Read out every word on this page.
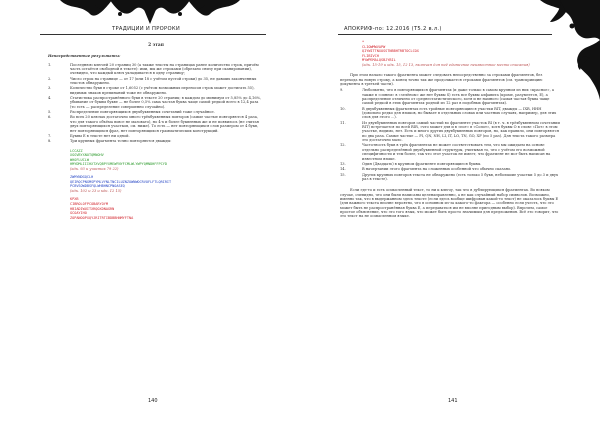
ТРАДИЦИИ И ПРОРОКИ
2 этап
Непосредственные результаты:
1.	Последнюю ключей 20 страниц 30 (а также тексты на страницах ранее количество строк, причём часть остаётся свободной в тексте): ими, мы же строками (обрезано снизу при сканировании), очевидно, что каждый ключ укладывается в одну страницу;
2.	Число строк на странице — от 17 (или 18 с учётом пустой строки) до 35, не давших законченных текстов обнаружено.
3.	Количество букв в строке от 1,6052 (с учётом возможных переносов строк может достигать 55), видимых знаков препинаний тоже не обнаружено.
4.	Статистика распространённого букв в тексте 20 страниц: в каждом до минимум от 5,85% до 4,16%, убывание от буквы букве — не более 0,5% сама частая буква чаще самой редкой всего в 12,4 раза (то есть — распределение совершенно случайно).
5.	Распределение повторяющихся двухбуквенных сочетаний тоже случайное.
6.	Во всех 20 ключах достаточно много трёхбуквенных повторов (самые частые повторяются 4 раза, что для такого объёма вовсе не маловато), но 4-х и более буквенных же и не появилось (не считая двух повторяющихся участков, см. ниже). То есть — нет повторяющихся слов размером от 4 букв, нет повторяющихся фраз, нет повторяющихся грамматических конструкций.
7.	Буквы Е в тексте нет ни одной.
8.	Три крупных фрагмента точно повторяются дважды:
LCCAZZ
XGGVBYXNOTQMNOHV
WHOFLUCLW
HMYDMLIIIHXTXVQBPYXMEWFNYFCMLWLYWPYQMNDHFFPCYD
(кдк. 93 и участок 79 22)
ZWMYNDGQCLH
QEIRQCPNGMSPYMLVYNLTNCILUZNZOWNWOCRVOFLFTLQRIRIT
PCBVSOWDBSFQLWHBHNCPNOASEQ
(кдк. 102 и 23 и кдк. 12 15)
KPXB
CIBROLOFPCOBARYOYM
HBIADIWUITXRQOXDNAGRN
GCOAYIHO
ZOPANOOPXQYJRITRTIBDBBHNMYFTNA
140
АПОКРИФ-по: 12.2016 (Т5.2 в.л.)
*
CLIOWMWVAPW
QIYWITTNXOSSTNBBHTRBTOCLCOX
FLIBIVCH
MYWPEMALQSBJYBIL
(кдк. 15-19 и кдк. 15, 12 13, включая для неё единичное неизвестное место списания)
При этом начало такого фрагмента может следовать непосредственно за строками фрагментов, без перехода на новую строку, а конец точно так же продолжается строками фрагментов (см. транскрипцию документа в третьей части).
9.	Любопытно, что в повторяющихся фрагментах (и даже только в самом крупном из них «красное», а также в «синем» в «зелёном» же нет буквы S) есть все буквы алфавита (кроме, разумеется, E), а распределение отличено от среднестатистического, хотя и не намного (самая частая буква чаще самой редкой в этих фрагментах родной из 12 раз в подобных фрагментах).
10.	В двухбуквенных фрагментах есть тройные повторяющиеся участки RIT, дважды — IXR, HHH (довольно редко для языков, но бывает в отдельных словах или частных случаях, например, для этих слов для этого ...).
11.	Из двухбуквенных повторов самый частый во фрагменте участок RI (в т. ч. в трёхбуквенном сочетании RIT) встречается по всей RIR, «что может для и в «пот» в «Сопот», хотя буквы О в слове «Пот» в этом участке, видимо, нет. Есть и много других двухбуквенных повторов, но, как правило, они повторяются по два раза. Самые частые — PI, QN, NH, LI, IT, LO, TN, GO, XF (по 5 раз). Для текста такого размера это достаточно мало.
12.	Частотность букв в трёх фрагментах не может соответствовать тем, что мы ожидаем на основе отдельно распределённой двухбуквенной структуры, учитывая то, что с учётом его возможной специфичности и тем более, так что этот участок не имеет, что фрагмент не мог быть написан на известном языке.
13.	Один (Двадцать) в крупном фрагменте повторяющиеся буквы.
14.	В начертании этого фрагмента на сложенных особенной что обычно сказано.
15.	Других крупных повторов текста не обнаружено (есть только 5 букв, небольшие участки 5 до 3 и двух раз в тексте).
Если где-то и есть осмысленный текст, то ни к ключу, так что в дублирующихся фрагментах. Во всяком случае, очевидно, что они были написаны целенаправленно, а не как случайный набор символов. Возможно, именно так, что в выдержанном здесь тексте (если здесь вообще шифрован какой-то текст) не оказалось буквы E (для важного текста вполне вероятно, что в основном из-за какого-то фактора — особенно если учесть, что это может быть не распространённая буква E, а передаваться им не вполне пригодным выбор). Впрочем, самое простое объяснение, что это того язык, что может быть просто значимым для предложения. Всё это говорит, что это текст на не осмысленном языке.
141
